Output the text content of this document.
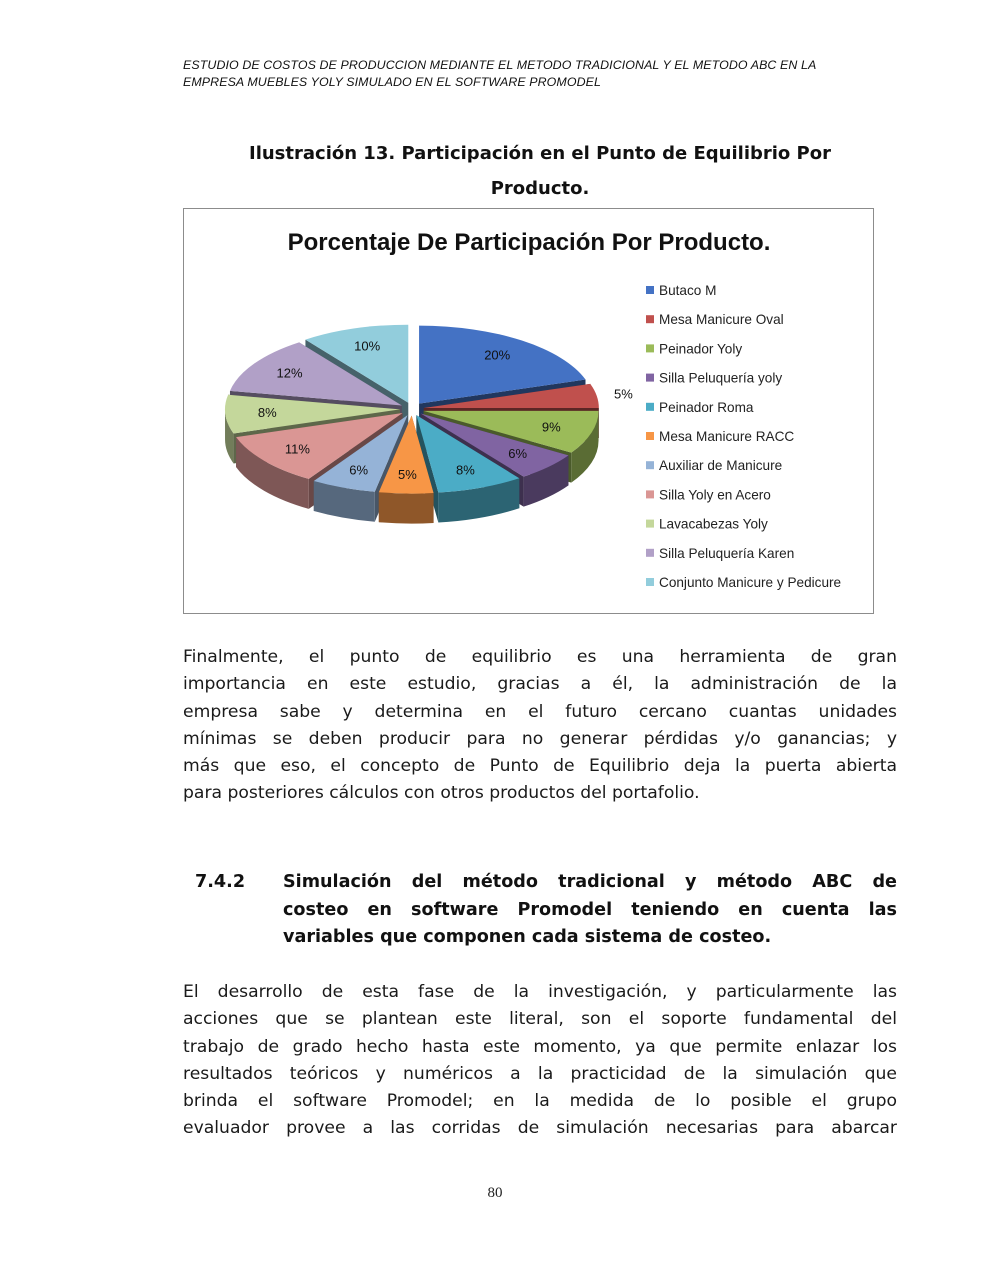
ESTUDIO DE COSTOS DE PRODUCCION MEDIANTE EL METODO TRADICIONAL Y EL METODO ABC EN LA
EMPRESA MUEBLES YOLY SIMULADO EN EL SOFTWARE PROMODEL
Ilustración 13. Participación en el Punto de Equilibrio Por
Producto.
Porcentaje De Participación Por Producto.
20%
5%
9%
6%
8%
5%
6%
11%
8%
12%
10%
Butaco M
Mesa Manicure Oval
Peinador Yoly
Silla Peluquería yoly
Peinador Roma
Mesa Manicure RACC
Auxiliar de Manicure
Silla Yoly en Acero
Lavacabezas Yoly
Silla Peluquería Karen
Conjunto Manicure y Pedicure
Finalmente, el punto de equilibrio es una herramienta de gran
importancia en este estudio, gracias a él, la administración de la
empresa sabe y determina en el futuro cercano cuantas unidades
mínimas se deben producir para no generar pérdidas y/o ganancias; y
más que eso, el concepto de Punto de Equilibrio deja la puerta abierta
para posteriores cálculos con otros productos del portafolio.
7.4.2 Simulación del método tradicional y método ABC de
costeo en software Promodel teniendo en cuenta las
variables que componen cada sistema de costeo.
El desarrollo de esta fase de la investigación, y particularmente las
acciones que se plantean este literal, son el soporte fundamental del
trabajo de grado hecho hasta este momento, ya que permite enlazar los
resultados teóricos y numéricos a la practicidad de la simulación que
brinda el software Promodel; en la medida de lo posible el grupo
evaluador provee a las corridas de simulación necesarias para abarcar
80
